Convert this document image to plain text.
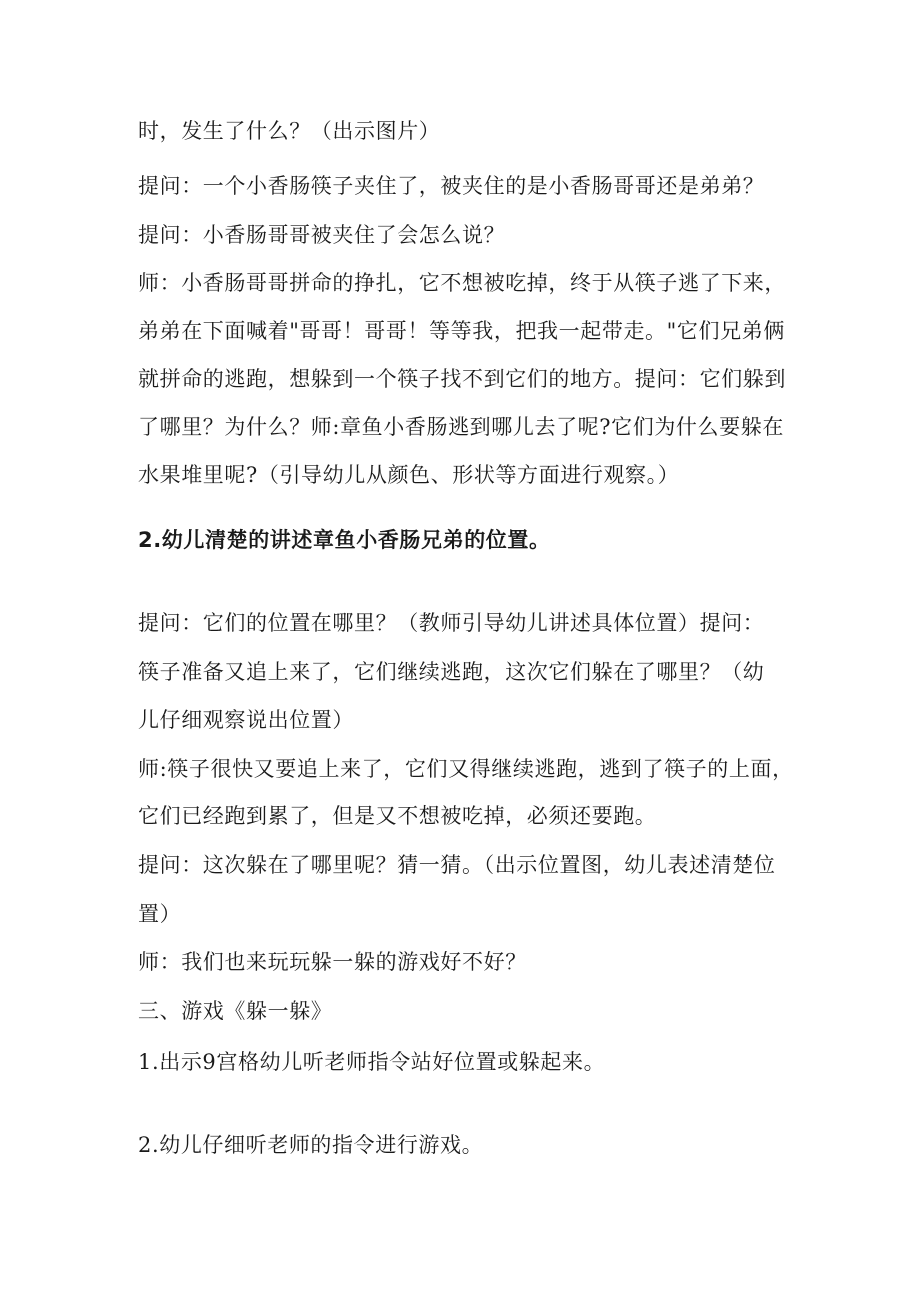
时，发生了什么？（出示图片）
提问：一个小香肠筷子夹住了，被夹住的是小香肠哥哥还是弟弟？
提问：小香肠哥哥被夹住了会怎么说？
师：小香肠哥哥拼命的挣扎，它不想被吃掉，终于从筷子逃了下来，
弟弟在下面喊着"哥哥！哥哥！等等我，把我一起带走。"它们兄弟俩
就拼命的逃跑，想躲到一个筷子找不到它们的地方。提问：它们躲到
了哪里？为什么？师:章鱼小香肠逃到哪儿去了呢?它们为什么要躲在
水果堆里呢?（引导幼儿从颜色、形状等方面进行观察。）
2.幼儿清楚的讲述章鱼小香肠兄弟的位置。
提问：它们的位置在哪里？（教师引导幼儿讲述具体位置）提问：
筷子准备又追上来了，它们继续逃跑，这次它们躲在了哪里？（幼
儿仔细观察说出位置）
师:筷子很快又要追上来了，它们又得继续逃跑，逃到了筷子的上面，
它们已经跑到累了，但是又不想被吃掉，必须还要跑。
提问：这次躲在了哪里呢？猜一猜。（出示位置图，幼儿表述清楚位
置）
师：我们也来玩玩躲一躲的游戏好不好？
三、游戏《躲一躲》
1.出示9宫格幼儿听老师指令站好位置或躲起来。
2.幼儿仔细听老师的指令进行游戏。
